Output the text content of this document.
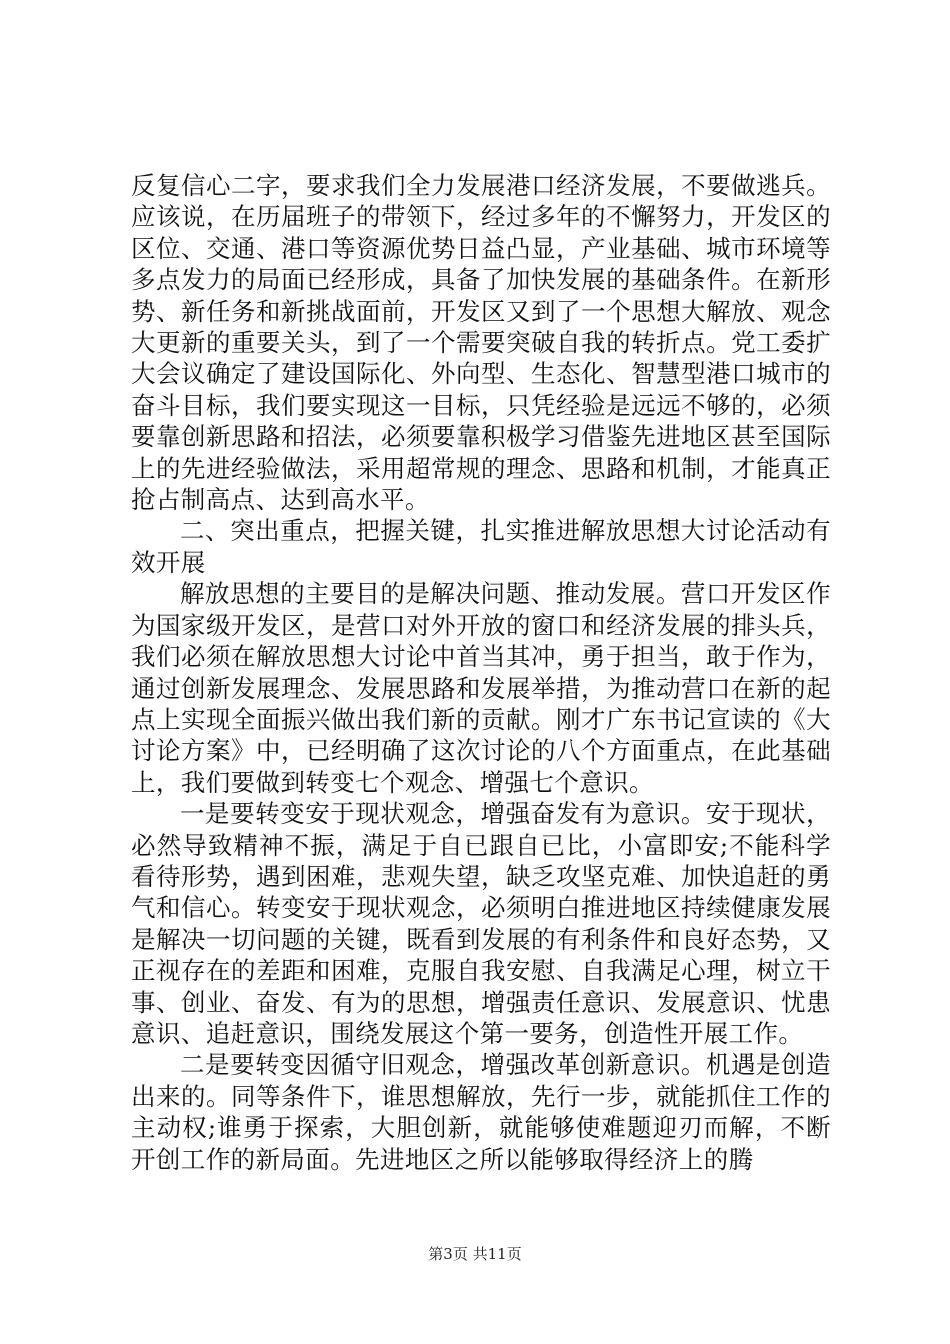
反复信心二字，要求我们全力发展港口经济发展，不要做逃兵。应该说，在历届班子的带领下，经过多年的不懈努力，开发区的区位、交通、港口等资源优势日益凸显，产业基础、城市环境等多点发力的局面已经形成，具备了加快发展的基础条件。在新形势、新任务和新挑战面前，开发区又到了一个思想大解放、观念大更新的重要关头，到了一个需要突破自我的转折点。党工委扩大会议确定了建设国际化、外向型、生态化、智慧型港口城市的奋斗目标，我们要实现这一目标，只凭经验是远远不够的，必须要靠创新思路和招法，必须要靠积极学习借鉴先进地区甚至国际上的先进经验做法，采用超常规的理念、思路和机制，才能真正抢占制高点、达到高水平。

二、突出重点，把握关键，扎实推进解放思想大讨论活动有效开展

解放思想的主要目的是解决问题、推动发展。营口开发区作为国家级开发区，是营口对外开放的窗口和经济发展的排头兵，我们必须在解放思想大讨论中首当其冲，勇于担当，敢于作为，通过创新发展理念、发展思路和发展举措，为推动营口在新的起点上实现全面振兴做出我们新的贡献。刚才广东书记宣读的《大讨论方案》中，已经明确了这次讨论的八个方面重点，在此基础上，我们要做到转变七个观念、增强七个意识。

一是要转变安于现状观念，增强奋发有为意识。安于现状，必然导致精神不振，满足于自已跟自已比，小富即安;不能科学看待形势，遇到困难，悲观失望，缺乏攻坚克难、加快追赶的勇气和信心。转变安于现状观念，必须明白推进地区持续健康发展是解决一切问题的关键，既看到发展的有利条件和良好态势，又正视存在的差距和困难，克服自我安慰、自我满足心理，树立干事、创业、奋发、有为的思想，增强责任意识、发展意识、忧患意识、追赶意识，围绕发展这个第一要务，创造性开展工作。

二是要转变因循守旧观念，增强改革创新意识。机遇是创造出来的。同等条件下，谁思想解放，先行一步，就能抓住工作的主动权;谁勇于探索，大胆创新，就能够使难题迎刃而解，不断开创工作的新局面。先进地区之所以能够取得经济上的腾

第3页 共11页
